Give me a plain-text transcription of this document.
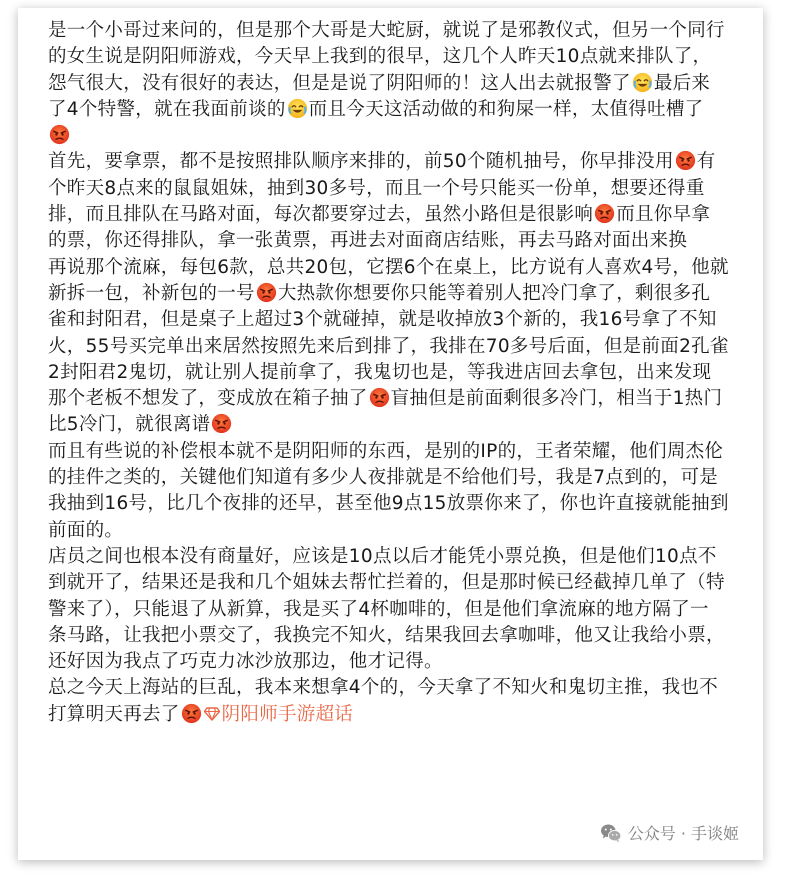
是一个小哥过来问的，但是那个大哥是大蛇厨，就说了是邪教仪式，但另一个同行
的女生说是阴阳师游戏，今天早上我到的很早，这几个人昨天10点就来排队了，
怨气很大，没有很好的表达，但是是说了阴阳师的！这人出去就报警了 最后来
了4个特警，就在我面前谈的 而且今天这活动做的和狗屎一样，太值得吐槽了
首先，要拿票，都不是按照排队顺序来排的，前50个随机抽号，你早排没用 有
个昨天8点来的鼠鼠姐妹，抽到30多号，而且一个号只能买一份单，想要还得重
排，而且排队在马路对面，每次都要穿过去，虽然小路但是很影响 而且你早拿
的票，你还得排队，拿一张黄票，再进去对面商店结账，再去马路对面出来换
再说那个流麻，每包6款，总共20包，它摆6个在桌上，比方说有人喜欢4号，他就
新拆一包，补新包的一号 大热款你想要你只能等着别人把冷门拿了，剩很多孔
雀和封阳君，但是桌子上超过3个就碰掉，就是收掉放3个新的，我16号拿了不知
火，55号买完单出来居然按照先来后到排了，我排在70多号后面，但是前面2孔雀
2封阳君2鬼切，就让别人提前拿了，我鬼切也是，等我进店回去拿包，出来发现
那个老板不想发了，变成放在箱子抽了 盲抽但是前面剩很多冷门，相当于1热门
比5冷门，就很离谱
而且有些说的补偿根本就不是阴阳师的东西，是别的IP的，王者荣耀，他们周杰伦
的挂件之类的，关键他们知道有多少人夜排就是不给他们号，我是7点到的，可是
我抽到16号，比几个夜排的还早，甚至他9点15放票你来了，你也许直接就能抽到
前面的。
店员之间也根本没有商量好，应该是10点以后才能凭小票兑换，但是他们10点不
到就开了，结果还是我和几个姐妹去帮忙拦着的，但是那时候已经截掉几单了（特
警来了），只能退了从新算，我是买了4杯咖啡的，但是他们拿流麻的地方隔了一
条马路，让我把小票交了，我换完不知火，结果我回去拿咖啡，他又让我给小票，
还好因为我点了巧克力冰沙放那边，他才记得。
总之今天上海站的巨乱，我本来想拿4个的，今天拿了不知火和鬼切主推，我也不
打算明天再去了 阴阳师手游超话
公众号 · 手谈姬
